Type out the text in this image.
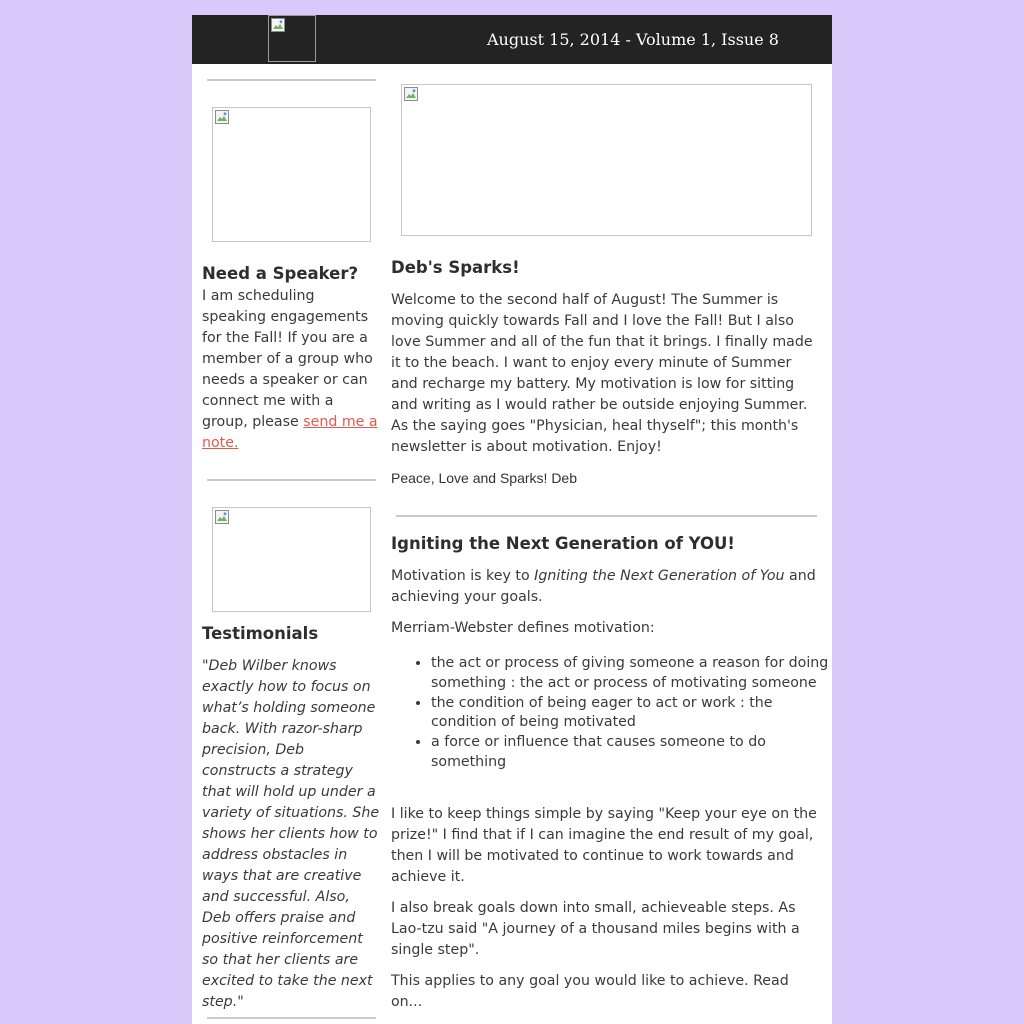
August 15, 2014 - Volume 1, Issue 8
Need a Speaker?

I am scheduling speaking engagements for the Fall! If you are a member of a group who needs a speaker or can connect me with a group, please send me a note.

Testimonials

"Deb Wilber knows exactly how to focus on what’s holding someone back. With razor-sharp precision, Deb constructs a strategy that will hold up under a variety of situations. She shows her clients how to address obstacles in ways that are creative and successful. Also, Deb offers praise and positive reinforcement so that her clients are excited to take the next step."

Deb's Sparks!

Welcome to the second half of August! The Summer is moving quickly towards Fall and I love the Fall! But I also love Summer and all of the fun that it brings. I finally made it to the beach. I want to enjoy every minute of Summer and recharge my battery. My motivation is low for sitting and writing as I would rather be outside enjoying Summer. As the saying goes "Physician, heal thyself"; this month's newsletter is about motivation. Enjoy!

Peace, Love and Sparks! Deb
Igniting the Next Generation of YOU!

Motivation is key to Igniting the Next Generation of You and achieving your goals.

Merriam-Webster defines motivation:

• the act or process of giving someone a reason for doing something : the act or process of motivating someone
• the condition of being eager to act or work : the condition of being motivated
• a force or influence that causes someone to do something

I like to keep things simple by saying "Keep your eye on the prize!" I find that if I can imagine the end result of my goal, then I will be motivated to continue to work towards and achieve it.

I also break goals down into small, achieveable steps. As Lao-tzu said "A journey of a thousand miles begins with a single step".

This applies to any goal you would like to achieve. Read on...
